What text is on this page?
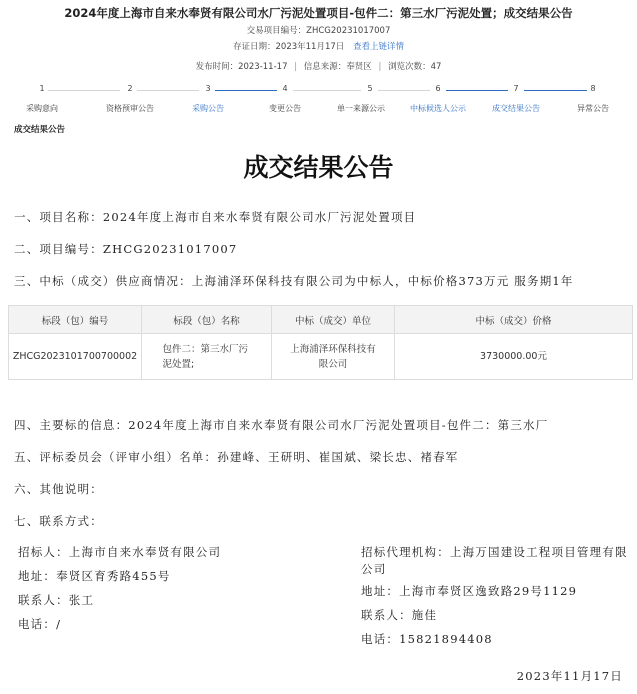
2024年度上海市自来水奉贤有限公司水厂污泥处置项目-包件二：第三水厂污泥处置；成交结果公告
交易项目编号：ZHCG20231017007
存证日期：2023年11月17日 查看上链详情
发布时间：2023-11-17 | 信息来源：奉贤区 | 浏览次数：47
1	2	3	4	5	6	7	8
采购意向	资格预审公告	采购公告	变更公告	单一来源公示	中标候选人公示	成交结果公告	异常公告
成交结果公告
成交结果公告
一、项目名称：2024年度上海市自来水奉贤有限公司水厂污泥处置项目
二、项目编号：ZHCG20231017007
三、中标（成交）供应商情况：上海浦泽环保科技有限公司为中标人，中标价格373万元 服务期1年
标段（包）编号	标段（包）名称	中标（成交）单位	中标（成交）价格
ZHCG2023101700700002	包件二：第三水厂污泥处置;	上海浦泽环保科技有限公司	3730000.00元
四、主要标的信息：2024年度上海市自来水奉贤有限公司水厂污泥处置项目-包件二：第三水厂
五、评标委员会（评审小组）名单：孙建峰、王研明、崔国斌、梁长忠、褚春军
六、其他说明：
七、联系方式：
招标人：上海市自来水奉贤有限公司
地址：奉贤区育秀路455号
联系人：张工
电话：/
招标代理机构：上海万国建设工程项目管理有限公司
地址：上海市奉贤区逸致路29号1129
联系人：施佳
电话：15821894408
2023年11月17日
